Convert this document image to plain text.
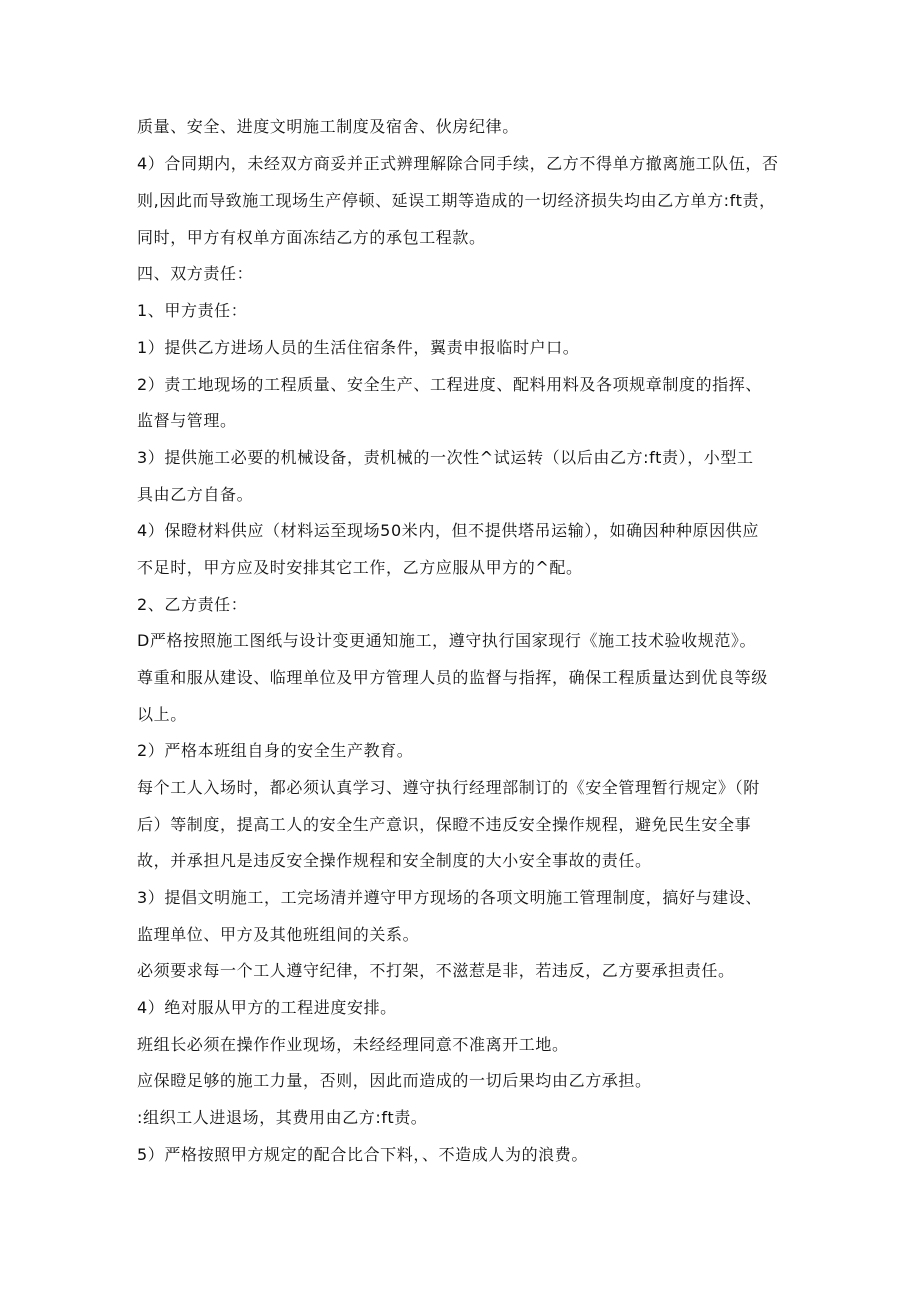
质量、安全、进度文明施工制度及宿舍、伙房纪律。
4）合同期内，未经双方商妥并正式辨理解除合同手续，乙方不得单方撤离施工队伍，否
则,因此而导致施工现场生产停顿、延误工期等造成的一切经济损失均由乙方单方:ft责，
同时，甲方有权单方面冻结乙方的承包工程款。
四、双方责任：
1、甲方责任：
1）提供乙方进场人员的生活住宿条件，翼责申报临时户口。
2）责工地现场的工程质量、安全生产、工程进度、配料用料及各项规章制度的指挥、
监督与管理。
3）提供施工必要的机械设备，责机械的一次性^试运转（以后由乙方:ft责），小型工
具由乙方自备。
4）保瞪材料供应（材料运至现场50米内，但不提供塔吊运输），如确因种种原因供应
不足时，甲方应及时安排其它工作，乙方应服从甲方的^配。
2、乙方责任：
D严格按照施工图纸与设计变更通知施工，遵守执行国家现行《施工技术验收规范》。
尊重和服从建设、临理单位及甲方管理人员的监督与指挥，确保工程质量达到优良等级
以上。
2）严格本班组自身的安全生产教育。
每个工人入场时，都必须认真学习、遵守执行经理部制订的《安全管理暂行规定》（附
后）等制度，提高工人的安全生产意识，保瞪不违反安全操作规程，避免民生安全事
故，并承担凡是违反安全操作规程和安全制度的大小安全事故的责任。
3）提倡文明施工，工完场清并遵守甲方现场的各项文明施工管理制度，搞好与建设、
监理单位、甲方及其他班组间的关系。
必须要求每一个工人遵守纪律，不打架，不滋惹是非，若违反，乙方要承担责任。
4）绝对服从甲方的工程进度安排。
班组长必须在操作作业现场，未经经理同意不准离开工地。
应保瞪足够的施工力量，否则，因此而造成的一切后果均由乙方承担。
:组织工人进退场，其费用由乙方:ft责。
5）严格按照甲方规定的配合比合下料，、不造成人为的浪费。
